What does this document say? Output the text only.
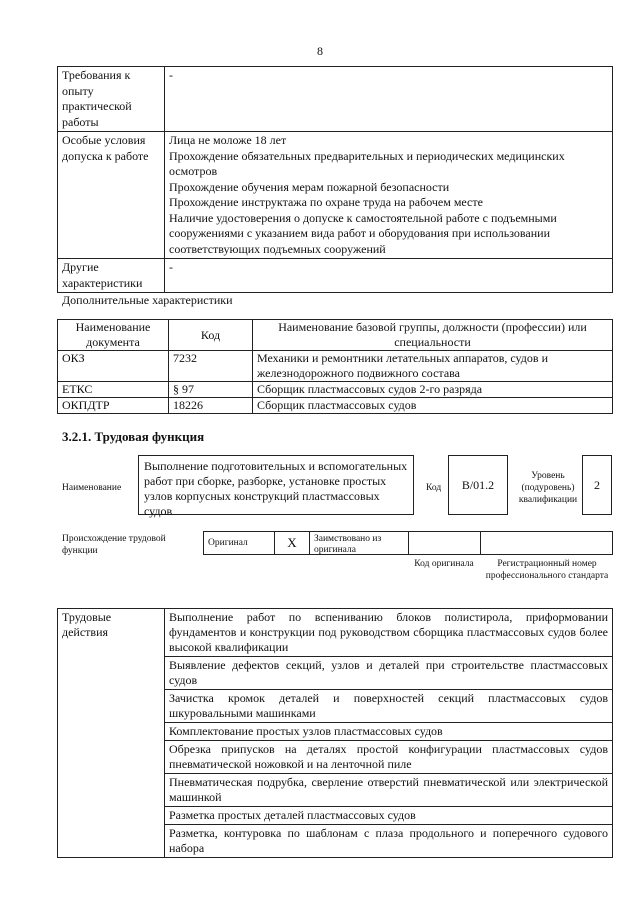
8
Требования к опыту практической работы	-
Особые условия допуска к работе	Лица не моложе 18 лет

Прохождение обязательных предварительных и периодических медицинских осмотров

Прохождение обучения мерам пожарной безопасности

Прохождение инструктажа по охране труда на рабочем месте

Наличие удостоверения о допуске к самостоятельной работе с подъемными сооружениями с указанием вида работ и оборудования при использовании соответствующих подъемных сооружений

Другие характеристики	-
Дополнительные характеристики
Наименование документа	Код	Наименование базовой группы, должности (профессии) или специальности
ОКЗ	7232	Механики и ремонтники летательных аппаратов, судов и железнодорожного подвижного состава
ЕТКС	§ 97	Сборщик пластмассовых судов 2-го разряда
ОКПДТР	18226	Сборщик пластмассовых судов
3.2.1. Трудовая функция
Наименование
Выполнение подготовительных и вспомогательных работ при сборке, разборке, установке простых узлов корпусных конструкций пластмассовых судов
Код	B/01.2
Уровень (подуровень) квалификации
2
Происхождение трудовой функции
Оригинал	X	Заимствовано из оригинала
Код оригинала	Регистрационный номер профессионального стандарта
Трудовые действия	Выполнение работ по вспениванию блоков полистирола, приформовании фундаментов и конструкции под руководством сборщика пластмассовых судов более высокой квалификации
Выявление дефектов секций, узлов и деталей при строительстве пластмассовых судов
Зачистка кромок деталей и поверхностей секций пластмассовых судов шкуровальными машинками
Комплектование простых узлов пластмассовых судов
Обрезка припусков на деталях простой конфигурации пластмассовых судов пневматической ножовкой и на ленточной пиле
Пневматическая подрубка, сверление отверстий пневматической или электрической машинкой
Разметка простых деталей пластмассовых судов
Разметка, контуровка по шаблонам с плаза продольного и поперечного судового набора
